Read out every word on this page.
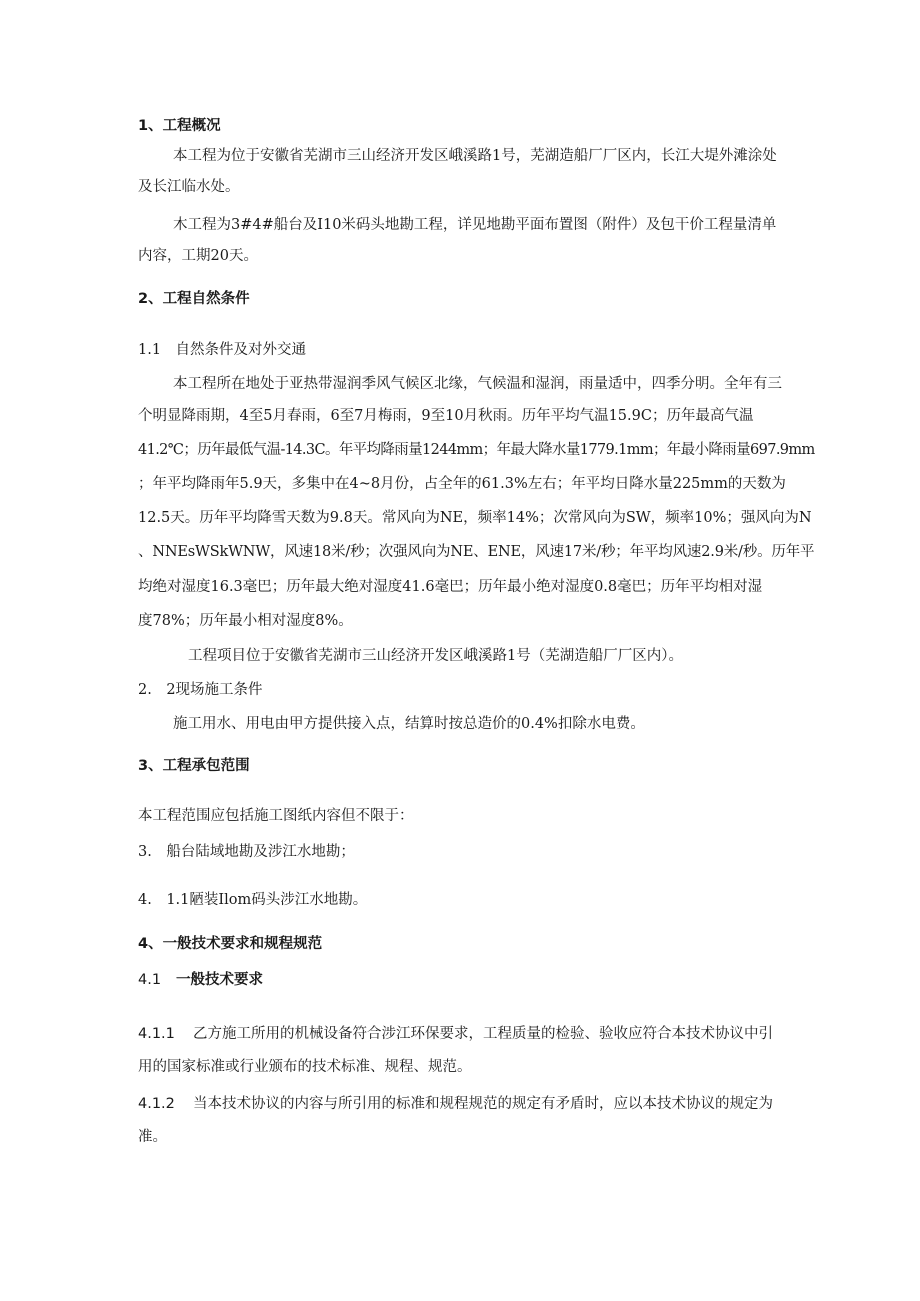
1、工程概况
本工程为位于安徽省芜湖市三山经济开发区峨溪路1号，芜湖造船厂厂区内，长江大堤外滩涂处
及长江临水处。
木工程为3#4#船台及I10米码头地勘工程，详见地勘平面布置图（附件）及包干价工程量清单
内容，工期20天。
2、工程自然条件
1.1　自然条件及对外交通
本工程所在地处于亚热带湿润季风气候区北缘，气候温和湿润，雨量适中，四季分明。全年有三
个明显降雨期，4至5月春雨，6至7月梅雨，9至10月秋雨。历年平均气温15.9C；历年最高气温
41.2℃；历年最低气温-14.3C。年平均降雨量1244mm；年最大降水量1779.1mm；年最小降雨量697.9mm
；年平均降雨年5.9天，多集中在4~8月份，占全年的61.3%左右；年平均日降水量225mm的天数为
12.5天。历年平均降雪天数为9.8天。常风向为NE，频率14%；次常风向为SW，频率10%；强风向为N
、NNEsWSkWNW，风速18米/秒；次强风向为NE、ENE，风速17米/秒；年平均风速2.9米/秒。历年平
均绝对湿度16.3毫巴；历年最大绝对湿度41.6毫巴；历年最小绝对湿度0.8毫巴；历年平均相对湿
度78%；历年最小相对湿度8%。
工程项目位于安徽省芜湖市三山经济开发区峨溪路1号（芜湖造船厂厂区内）。
2.　2现场施工条件
施工用水、用电由甲方提供接入点，结算时按总造价的0.4%扣除水电费。
3、工程承包范围
本工程范围应包括施工图纸内容但不限于：
3.　船台陆域地勘及涉江水地勘；
4.　1.1陋装Ilom码头涉江水地勘。
4、一般技术要求和规程规范
4.1 一般技术要求
4.1.1 乙方施工所用的机械设备符合涉江环保要求，工程质量的检验、验收应符合本技术协议中引
用的国家标准或行业颁布的技术标准、规程、规范。
4.1.2 当本技术协议的内容与所引用的标准和规程规范的规定有矛盾时，应以本技术协议的规定为
准。
